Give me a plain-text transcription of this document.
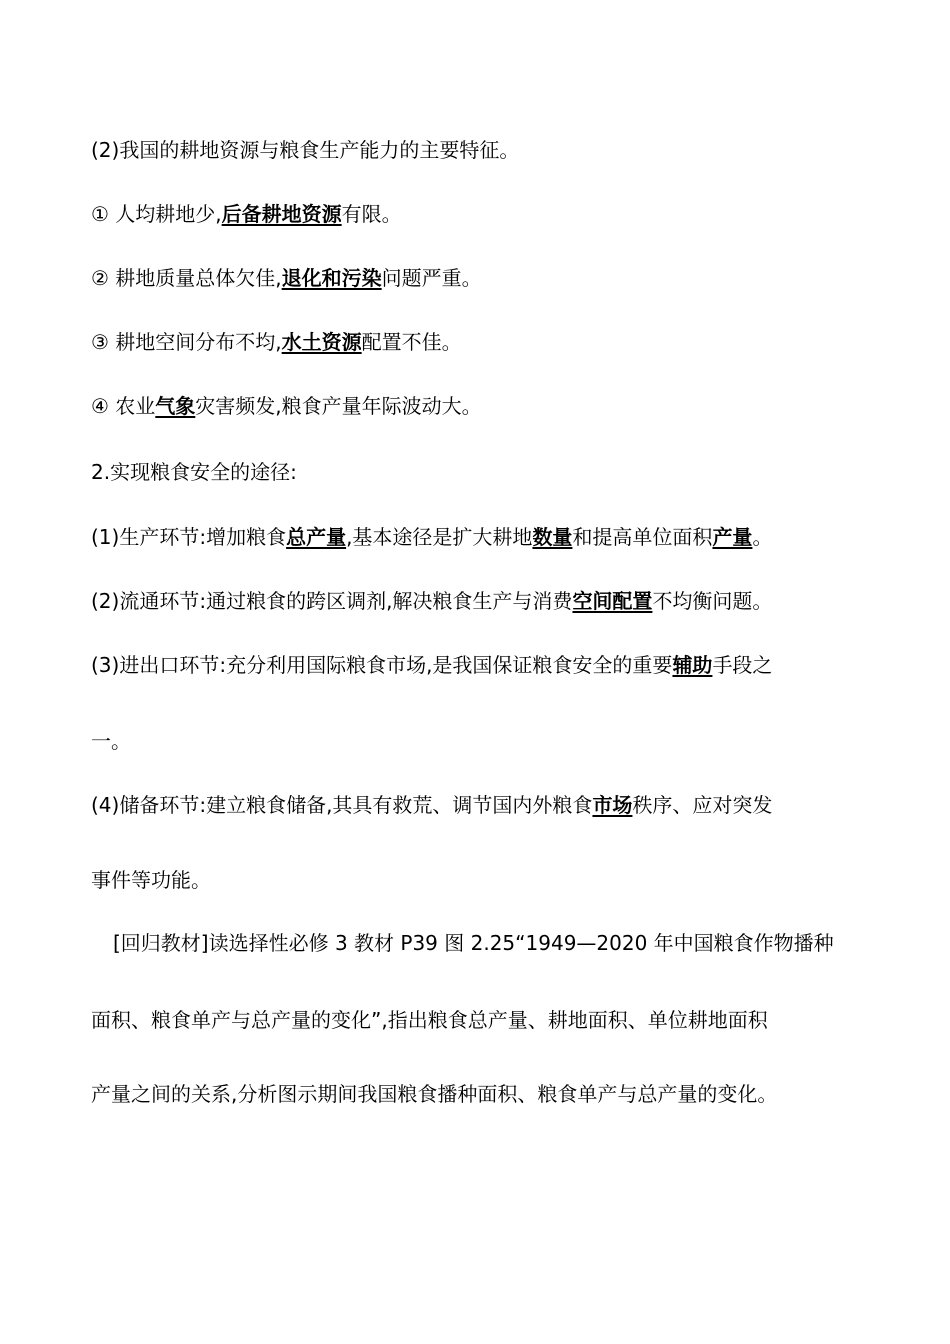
(2)我国的耕地资源与粮食生产能力的主要特征。
① 人均耕地少,后备耕地资源有限。
② 耕地质量总体欠佳,退化和污染问题严重。
③ 耕地空间分布不均,水土资源配置不佳。
④ 农业气象灾害频发,粮食产量年际波动大。
2.实现粮食安全的途径:
(1)生产环节:增加粮食总产量,基本途径是扩大耕地数量和提高单位面积产量。
(2)流通环节:通过粮食的跨区调剂,解决粮食生产与消费空间配置不均衡问题。
(3)进出口环节:充分利用国际粮食市场,是我国保证粮食安全的重要辅助手段之
一。
(4)储备环节:建立粮食储备,其具有救荒、调节国内外粮食市场秩序、应对突发
事件等功能。
[回归教材]读选择性必修 3 教材 P39 图 2.25“1949—2020 年中国粮食作物播种
面积、粮食单产与总产量的变化”,指出粮食总产量、耕地面积、单位耕地面积
产量之间的关系,分析图示期间我国粮食播种面积、粮食单产与总产量的变化。
